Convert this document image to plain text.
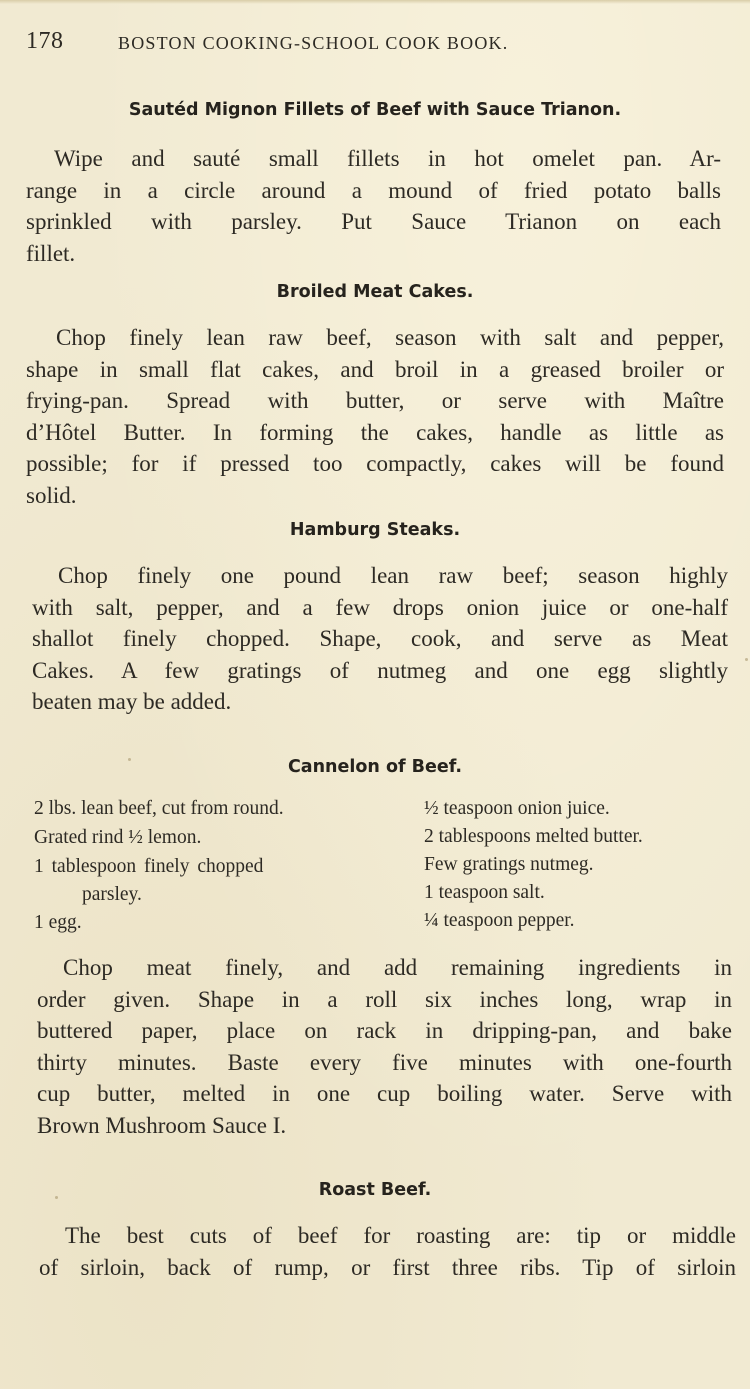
178	BOSTON COOKING-SCHOOL COOK BOOK.
Sautéd Mignon Fillets of Beef with Sauce Trianon.
Wipe and sauté small fillets in hot omelet pan. Ar-
range in a circle around a mound of fried potato balls
sprinkled with parsley. Put Sauce Trianon on each
fillet.
Broiled Meat Cakes.
Chop finely lean raw beef, season with salt and pepper,
shape in small flat cakes, and broil in a greased broiler or
frying-pan. Spread with butter, or serve with Maître
d’Hôtel Butter. In forming the cakes, handle as little as
possible; for if pressed too compactly, cakes will be found
solid.
Hamburg Steaks.
Chop finely one pound lean raw beef; season highly
with salt, pepper, and a few drops onion juice or one-half
shallot finely chopped. Shape, cook, and serve as Meat
Cakes. A few gratings of nutmeg and one egg slightly
beaten may be added.
Cannelon of Beef.
2 lbs. lean beef, cut from round.
Grated rind ½ lemon.
1 tablespoon finely chopped
parsley.
1 egg.
½ teaspoon onion juice.
2 tablespoons melted butter.
Few gratings nutmeg.
1 teaspoon salt.
¼ teaspoon pepper.
Chop meat finely, and add remaining ingredients in
order given. Shape in a roll six inches long, wrap in
buttered paper, place on rack in dripping-pan, and bake
thirty minutes. Baste every five minutes with one-fourth
cup butter, melted in one cup boiling water. Serve with
Brown Mushroom Sauce I.
Roast Beef.
The best cuts of beef for roasting are: tip or middle
of sirloin, back of rump, or first three ribs. Tip of sirloin
